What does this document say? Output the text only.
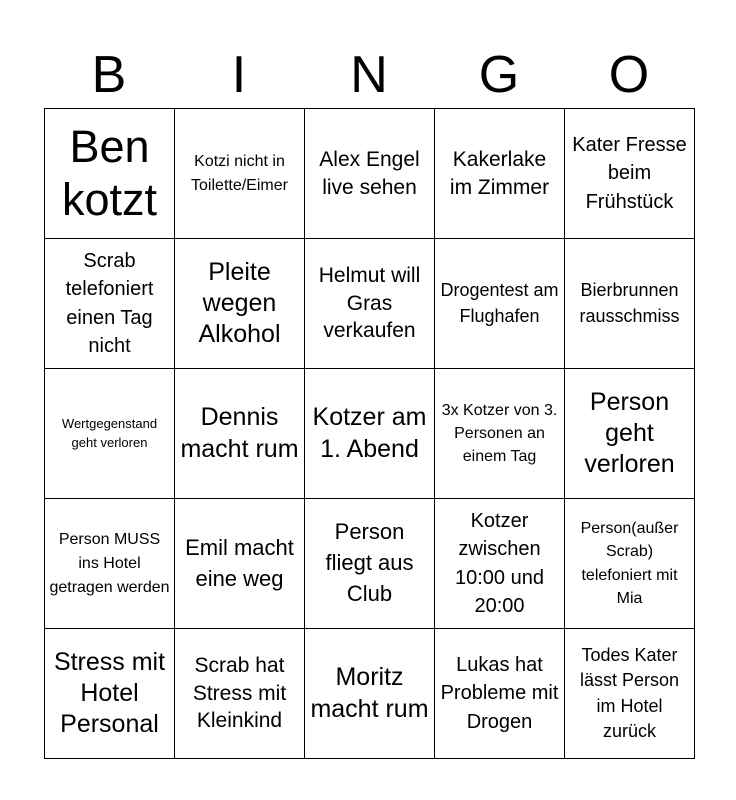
B	I	N	G	O
Ben kotzt	Kotzi nicht in Toilette/Eimer	Alex Engel live sehen	Kakerlake im Zimmer	Kater Fresse beim Frühstück

Scrab telefoniert einen Tag nicht	Pleite wegen Alkohol	Helmut will Gras verkaufen	Drogentest am Flughafen	Bierbrunnen rausschmiss

Wertgegenstand geht verloren	Dennis macht rum	Kotzer am 1. Abend	3x Kotzer von 3. Personen an einem Tag	Person geht verloren

Person MUSS ins Hotel getragen werden	Emil macht eine weg	Person fliegt aus Club	Kotzer zwischen 10:00 und 20:00	Person(außer Scrab) telefoniert mit Mia

Stress mit Hotel Personal	Scrab hat Stress mit Kleinkind	Moritz macht rum	Lukas hat Probleme mit Drogen	Todes Kater lässt Person im Hotel zurück
